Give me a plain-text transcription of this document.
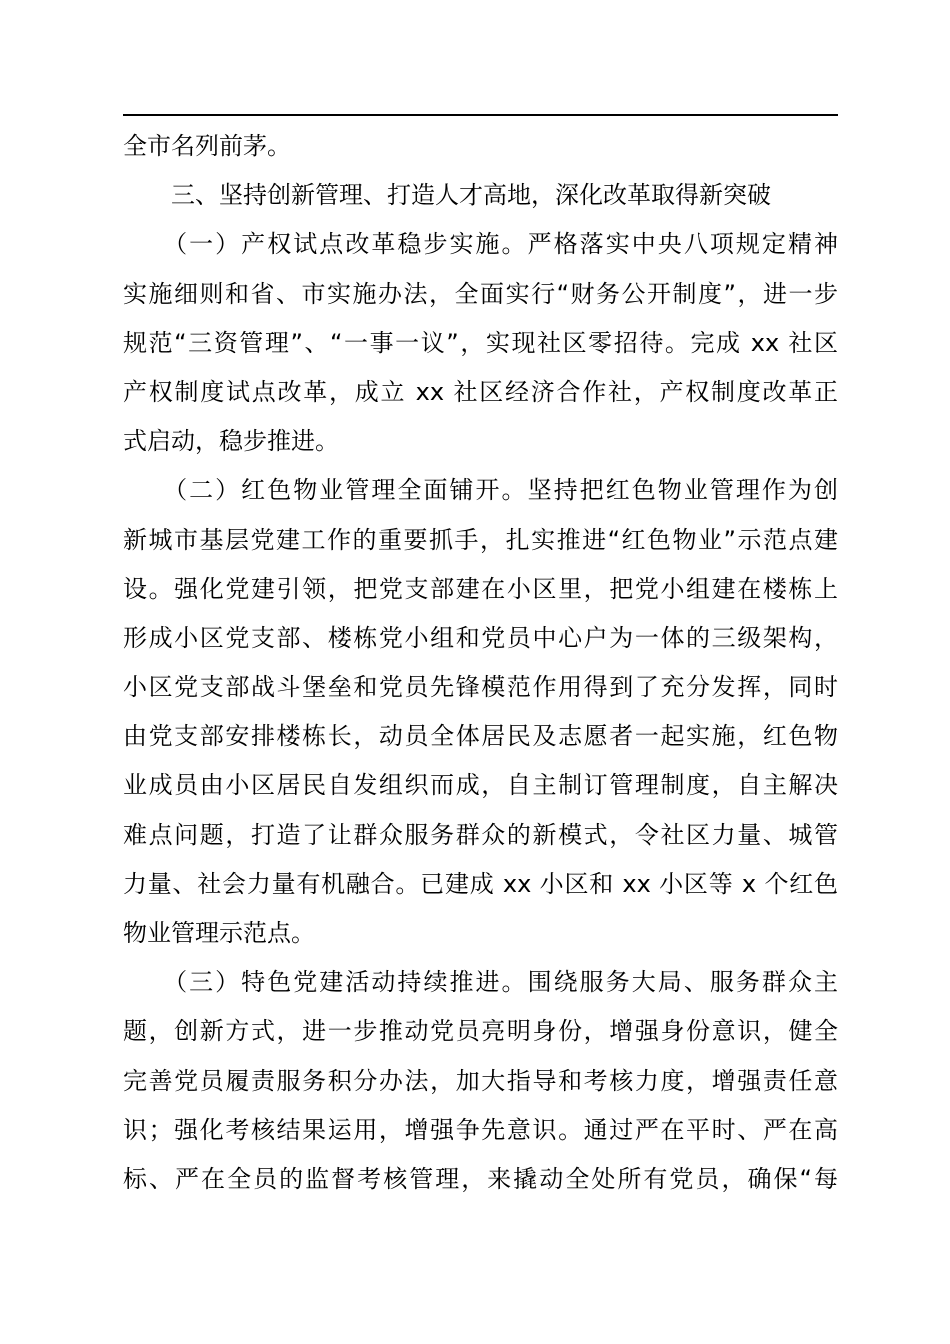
全市名列前茅。
　　三、坚持创新管理、打造人才高地，深化改革取得新突破
　　（一）产权试点改革稳步实施。严格落实中央八项规定精神
实施细则和省、市实施办法，全面实行“财务公开制度”，进一步
规范“三资管理”、“一事一议”，实现社区零招待。完成 xx 社区
产权制度试点改革，成立 xx 社区经济合作社，产权制度改革正
式启动，稳步推进。
　　（二）红色物业管理全面铺开。坚持把红色物业管理作为创
新城市基层党建工作的重要抓手，扎实推进“红色物业”示范点建
设。强化党建引领，把党支部建在小区里，把党小组建在楼栋上
形成小区党支部、楼栋党小组和党员中心户为一体的三级架构，
小区党支部战斗堡垒和党员先锋模范作用得到了充分发挥，同时
由党支部安排楼栋长，动员全体居民及志愿者一起实施，红色物
业成员由小区居民自发组织而成，自主制订管理制度，自主解决
难点问题，打造了让群众服务群众的新模式，令社区力量、城管
力量、社会力量有机融合。已建成 xx 小区和 xx 小区等 x 个红色
物业管理示范点。
　　（三）特色党建活动持续推进。围绕服务大局、服务群众主
题，创新方式，进一步推动党员亮明身份，增强身份意识，健全
完善党员履责服务积分办法，加大指导和考核力度，增强责任意
识；强化考核结果运用，增强争先意识。通过严在平时、严在高
标、严在全员的监督考核管理，来撬动全处所有党员，确保“每
